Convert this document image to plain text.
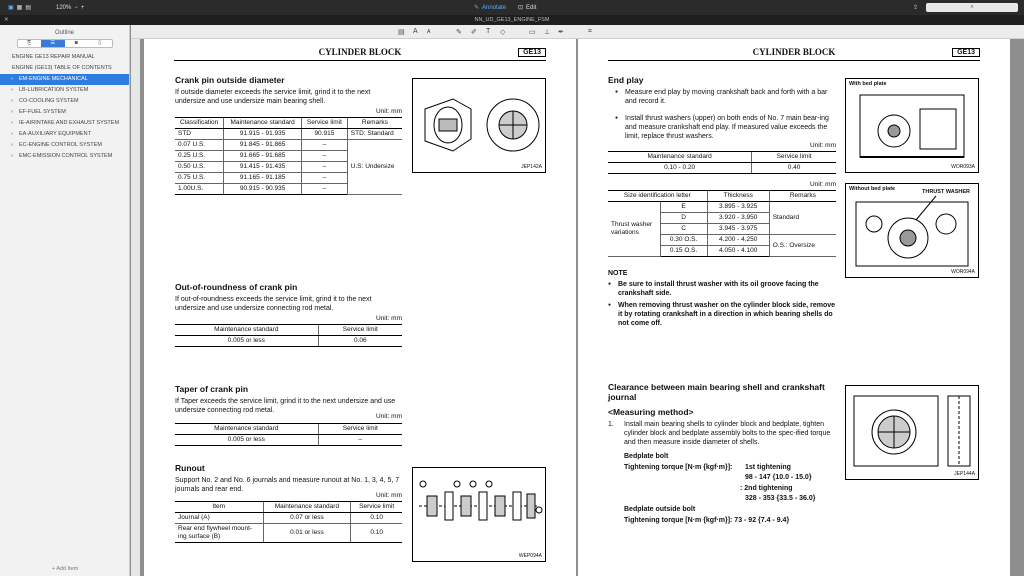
▣ ▦ ▤	120% − +	✎ Annotate ⊡ Edit	⇪	⌕
✕	NN_UD_GE13_ENGINE_FSM
Outline
⎘	☰	◙	▯
ENGINE GE13 REPAIR MANUAL
ENGINE (GE13) TABLE OF CONTENTS
› EM-ENGINE MECHANICAL
› LB-LUBRICATION SYSTEM
› CO-COOLING SYSTEM
› EF-FUEL SYSTEM
› IE-AIRINTAKE AND EXHAUST SYSTEM
› EA-AUXILIARY EQUIPMENT
› EC-ENGINE CONTROL SYSTEM
› EMC-EMISSION CONTROL SYSTEM
+ Add Item
▤ A ᴀ	✎ ✐ T ◇	▭ ⊥ ✒	⌗
CYLINDER BLOCK	GE13
Crank pin outside diameter
If outside diameter exceeds the service limit, grind it to the next undersize and use undersize main bearing shell.
Unit: mm
Classification	Maintenance standard	Service limit	Remarks
STD	91.915 - 91.935	90.915	STD: Standard
0.07 U.S.	91.845 - 91.865	–	U.S: Undersize
0.25 U.S.	91.665 - 91.685	–	
0.50 U.S.	91.415 - 91.435	–	
0.75 U.S.	91.165 - 91.185	–	
1.00U.S.	90.915 - 90.935	–	
JEP142A
Out-of-roundness of crank pin
If out-of-roundness exceeds the service limit, grind it to the next undersize and use undersize connecting rod metal.
Unit: mm
Maintenance standard	Service limit
0.005 or less	0.06
Taper of crank pin
If Taper exceeds the service limit, grind it to the next undersize and use undersize connecting rod metal.
Unit: mm
Maintenance standard	Service limit
0.005 or less	–
Runout
Support No. 2 and No. 6 journals and measure runout at No. 1, 3, 4, 5, 7 journals and rear end.
Unit: mm
Item	Maintenance standard	Service limit
Journal (A)	0.07 or less	0.10
Rear end flywheel mount-ing surface (B)	0.01 or less	0.10
WEP094A
CYLINDER BLOCK	GE13
End play
● Measure end play by moving crankshaft back and forth with a bar and record it.
● Install thrust washers (upper) on both ends of No. 7 main bear-ing and measure crankshaft end play. If measured value exceeds the limit, replace thrust washers.
Unit: mm
Maintenance standard	Service limit
0.10 - 0.20	0.40
Unit: mm
Size identification letter		Thickness	Remarks
Thrust washer variations	E	3.895 - 3.925	Standard
	D	3.920 - 3.950	
	C	3.945 - 3.975	
	0.30 O.S.	4.200 - 4.250	O.S.: Oversize
	0.15 O.S.	4.050 - 4.100	
With bed plate
WOR093A
Without bed plate	THRUST WASHER
WOR094A
NOTE
● Be sure to install thrust washer with its oil groove facing the crankshaft side.
● When removing thrust washer on the cylinder block side, remove it by rotating crankshaft in a direction in which bearing shells do not come off.
Clearance between main bearing shell and crankshaft journal
<Measuring method>
1. Install main bearing shells to cylinder block and bedplate, tighten cylinder block and bedplate assembly bolts to the spec-ified torque and then measure inside diameter of shells.
Bedplate bolt
Tightening torque [N·m {kgf·m}]: 1st tightening
98 - 147 {10.0 - 15.0}
: 2nd tightening
328 - 353 {33.5 - 36.0}
Bedplate outside bolt
Tightening torque [N·m {kgf·m}]: 73 - 92 {7.4 - 9.4}
JEP144A
